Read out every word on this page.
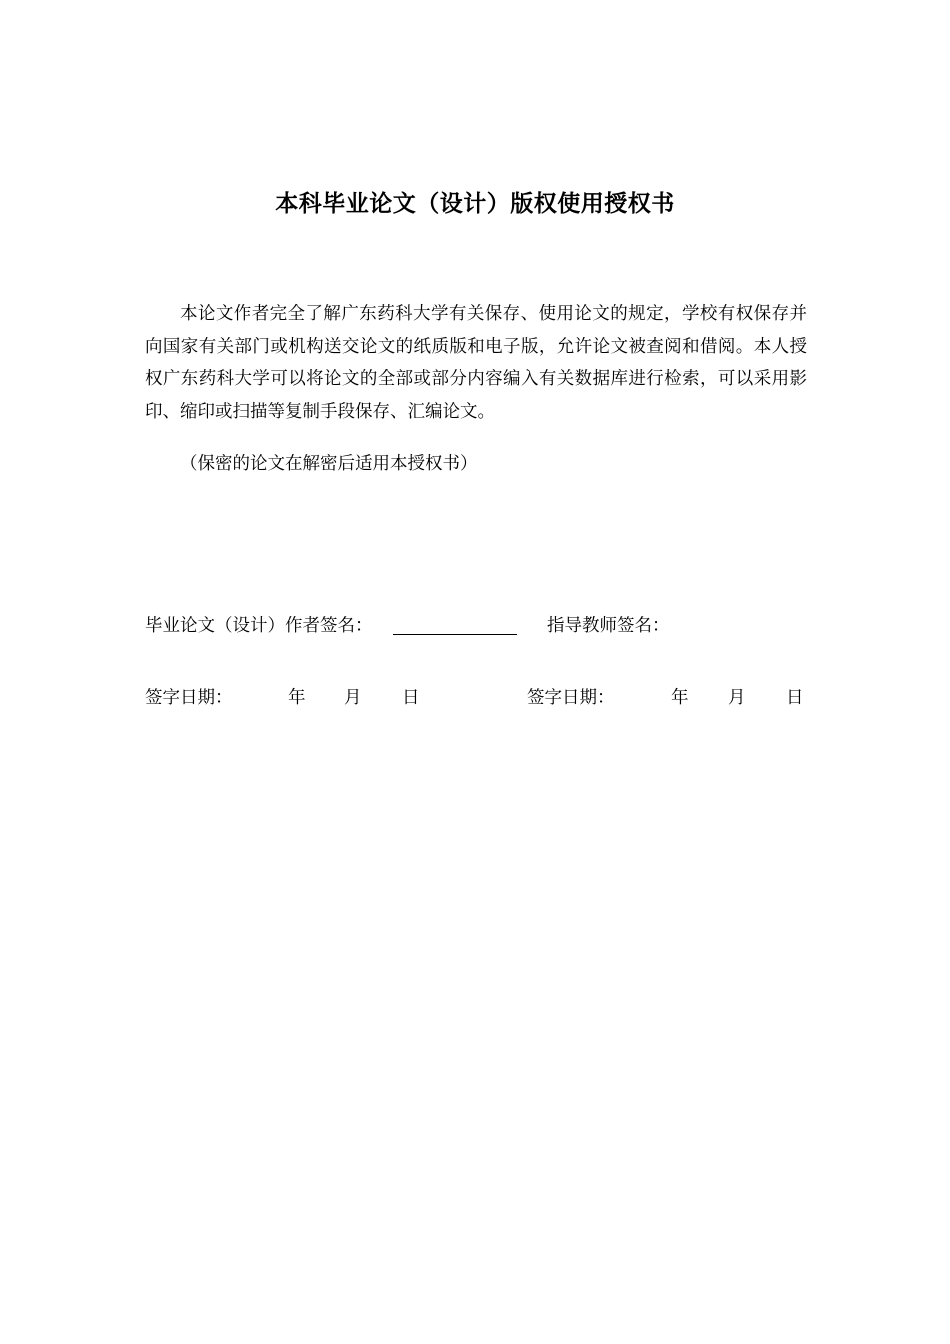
本科毕业论文（设计）版权使用授权书

本论文作者完全了解广东药科大学有关保存、使用论文的规定，学校有权保存并向国家有关部门或机构送交论文的纸质版和电子版，允许论文被查阅和借阅。本人授权广东药科大学可以将论文的全部或部分内容编入有关数据库进行检索，可以采用影印、缩印或扫描等复制手段保存、汇编论文。

（保密的论文在解密后适用本授权书）

毕业论文（设计）作者签名：	指导教师签名：
签字日期：	年 月 日	签字日期：	年 月 日
